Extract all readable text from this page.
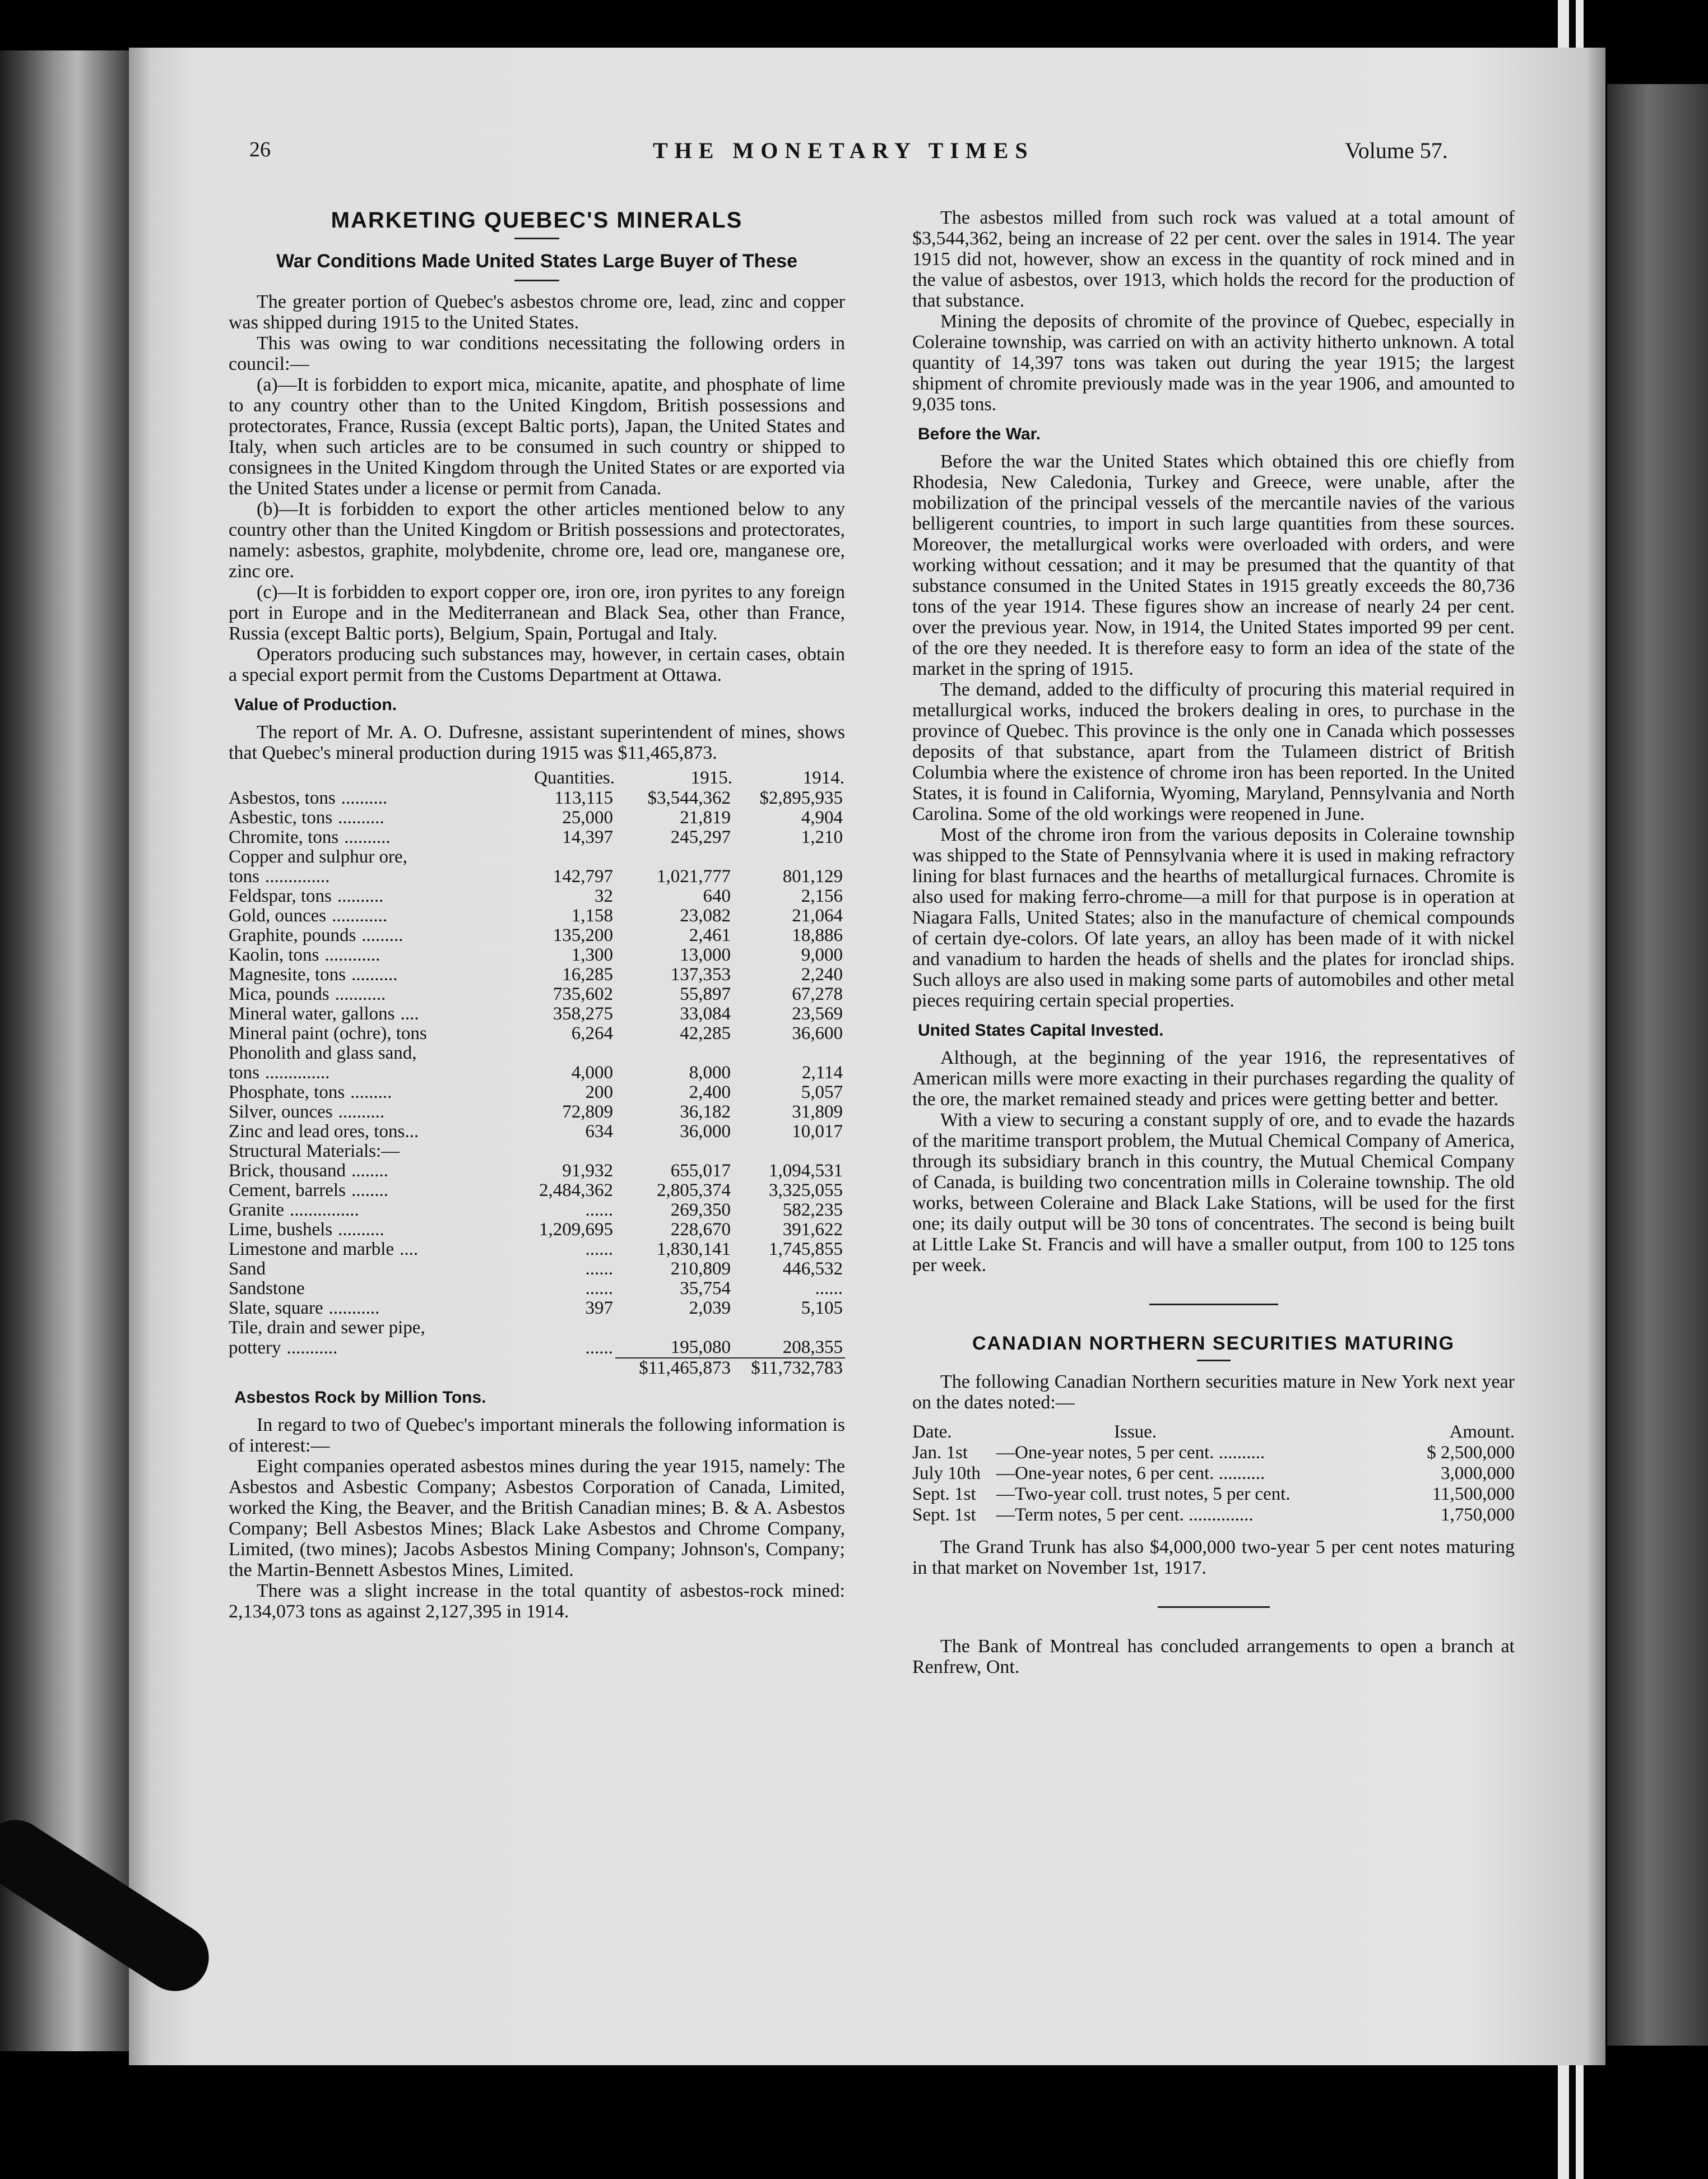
26	THE MONETARY TIMES	Volume 57.
MARKETING QUEBEC'S MINERALS
War Conditions Made United States Large Buyer of These

The greater portion of Quebec's asbestos chrome ore, lead, zinc and copper was shipped during 1915 to the United States.

This was owing to war conditions necessitating the following orders in council:—

(a)—It is forbidden to export mica, micanite, apatite, and phosphate of lime to any country other than to the United Kingdom, British possessions and protectorates, France, Russia (except Baltic ports), Japan, the United States and Italy, when such articles are to be consumed in such country or shipped to consignees in the United Kingdom through the United States or are exported via the United States under a license or permit from Canada.

(b)—It is forbidden to export the other articles mentioned below to any country other than the United Kingdom or British possessions and protectorates, namely: asbestos, graphite, molybdenite, chrome ore, lead ore, manganese ore, zinc ore.

(c)—It is forbidden to export copper ore, iron ore, iron pyrites to any foreign port in Europe and in the Mediterranean and Black Sea, other than France, Russia (except Baltic ports), Belgium, Spain, Portugal and Italy.

Operators producing such substances may, however, in certain cases, obtain a special export permit from the Customs Department at Ottawa.

Value of Production.

The report of Mr. A. O. Dufresne, assistant superintendent of mines, shows that Quebec's mineral production during 1915 was $11,465,873.

	Quantities.	1915.	1914.
Asbestos, tons ..........	113,115	$3,544,362	$2,895,935
Asbestic, tons ..........	25,000	21,819	4,904
Chromite, tons ..........	14,397	245,297	1,210
Copper and sulphur ore,			
tons ..............	142,797	1,021,777	801,129
Feldspar, tons ..........	32	640	2,156
Gold, ounces ............	1,158	23,082	21,064
Graphite, pounds .........	135,200	2,461	18,886
Kaolin, tons ............	1,300	13,000	9,000
Magnesite, tons ..........	16,285	137,353	2,240
Mica, pounds ...........	735,602	55,897	67,278
Mineral water, gallons ....	358,275	33,084	23,569
Mineral paint (ochre), tons	6,264	42,285	36,600
Phonolith and glass sand,			
tons ..............	4,000	8,000	2,114
Phosphate, tons .........	200	2,400	5,057
Silver, ounces ..........	72,809	36,182	31,809
Zinc and lead ores, tons...	634	36,000	10,017
Structural Materials:—			
Brick, thousand ........	91,932	655,017	1,094,531
Cement, barrels ........	2,484,362	2,805,374	3,325,055
Granite ...............	......	269,350	582,235
Lime, bushels ..........	1,209,695	228,670	391,622
Limestone and marble ....	......	1,830,141	1,745,855
Sand	......	210,809	446,532
Sandstone	......	35,754	......
Slate, square ...........	397	2,039	5,105
Tile, drain and sewer pipe,			
pottery ...........	......	195,080	208,355
		$11,465,873	$11,732,783
Asbestos Rock by Million Tons.

In regard to two of Quebec's important minerals the following information is of interest:—

Eight companies operated asbestos mines during the year 1915, namely: The Asbestos and Asbestic Company; Asbestos Corporation of Canada, Limited, worked the King, the Beaver, and the British Canadian mines; B. & A. Asbestos Company; Bell Asbestos Mines; Black Lake Asbestos and Chrome Company, Limited, (two mines); Jacobs Asbestos Mining Company; Johnson's, Company; the Martin-Bennett Asbestos Mines, Limited.

There was a slight increase in the total quantity of asbestos-rock mined: 2,134,073 tons as against 2,127,395 in 1914.

The asbestos milled from such rock was valued at a total amount of $3,544,362, being an increase of 22 per cent. over the sales in 1914. The year 1915 did not, however, show an excess in the quantity of rock mined and in the value of asbestos, over 1913, which holds the record for the production of that substance.

Mining the deposits of chromite of the province of Quebec, especially in Coleraine township, was carried on with an activity hitherto unknown. A total quantity of 14,397 tons was taken out during the year 1915; the largest shipment of chromite previously made was in the year 1906, and amounted to 9,035 tons.

Before the War.

Before the war the United States which obtained this ore chiefly from Rhodesia, New Caledonia, Turkey and Greece, were unable, after the mobilization of the principal vessels of the mercantile navies of the various belligerent countries, to import in such large quantities from these sources. Moreover, the metallurgical works were overloaded with orders, and were working without cessation; and it may be presumed that the quantity of that substance consumed in the United States in 1915 greatly exceeds the 80,736 tons of the year 1914. These figures show an increase of nearly 24 per cent. over the previous year. Now, in 1914, the United States imported 99 per cent. of the ore they needed. It is therefore easy to form an idea of the state of the market in the spring of 1915.

The demand, added to the difficulty of procuring this material required in metallurgical works, induced the brokers dealing in ores, to purchase in the province of Quebec. This province is the only one in Canada which possesses deposits of that substance, apart from the Tulameen district of British Columbia where the existence of chrome iron has been reported. In the United States, it is found in California, Wyoming, Maryland, Pennsylvania and North Carolina. Some of the old workings were reopened in June.

Most of the chrome iron from the various deposits in Coleraine township was shipped to the State of Pennsylvania where it is used in making refractory lining for blast furnaces and the hearths of metallurgical furnaces. Chromite is also used for making ferro-chrome—a mill for that purpose is in operation at Niagara Falls, United States; also in the manufacture of chemical compounds of certain dye-colors. Of late years, an alloy has been made of it with nickel and vanadium to harden the heads of shells and the plates for ironclad ships. Such alloys are also used in making some parts of automobiles and other metal pieces requiring certain special properties.

United States Capital Invested.

Although, at the beginning of the year 1916, the representatives of American mills were more exacting in their purchases regarding the quality of the ore, the market remained steady and prices were getting better and better.

With a view to securing a constant supply of ore, and to evade the hazards of the maritime transport problem, the Mutual Chemical Company of America, through its subsidiary branch in this country, the Mutual Chemical Company of Canada, is building two concentration mills in Coleraine township. The old works, between Coleraine and Black Lake Stations, will be used for the first one; its daily output will be 30 tons of concentrates. The second is being built at Little Lake St. Francis and will have a smaller output, from 100 to 125 tons per week.

CANADIAN NORTHERN SECURITIES MATURING

The following Canadian Northern securities mature in New York next year on the dates noted:—

Date.	Issue.	Amount.
Jan. 1st	—One-year notes, 5 per cent. ..........	$ 2,500,000
July 10th	—One-year notes, 6 per cent. ..........	3,000,000
Sept. 1st	—Two-year coll. trust notes, 5 per cent.	11,500,000
Sept. 1st	—Term notes, 5 per cent. ..............	1,750,000

The Grand Trunk has also $4,000,000 two-year 5 per cent notes maturing in that market on November 1st, 1917.

The Bank of Montreal has concluded arrangements to open a branch at Renfrew, Ont.
